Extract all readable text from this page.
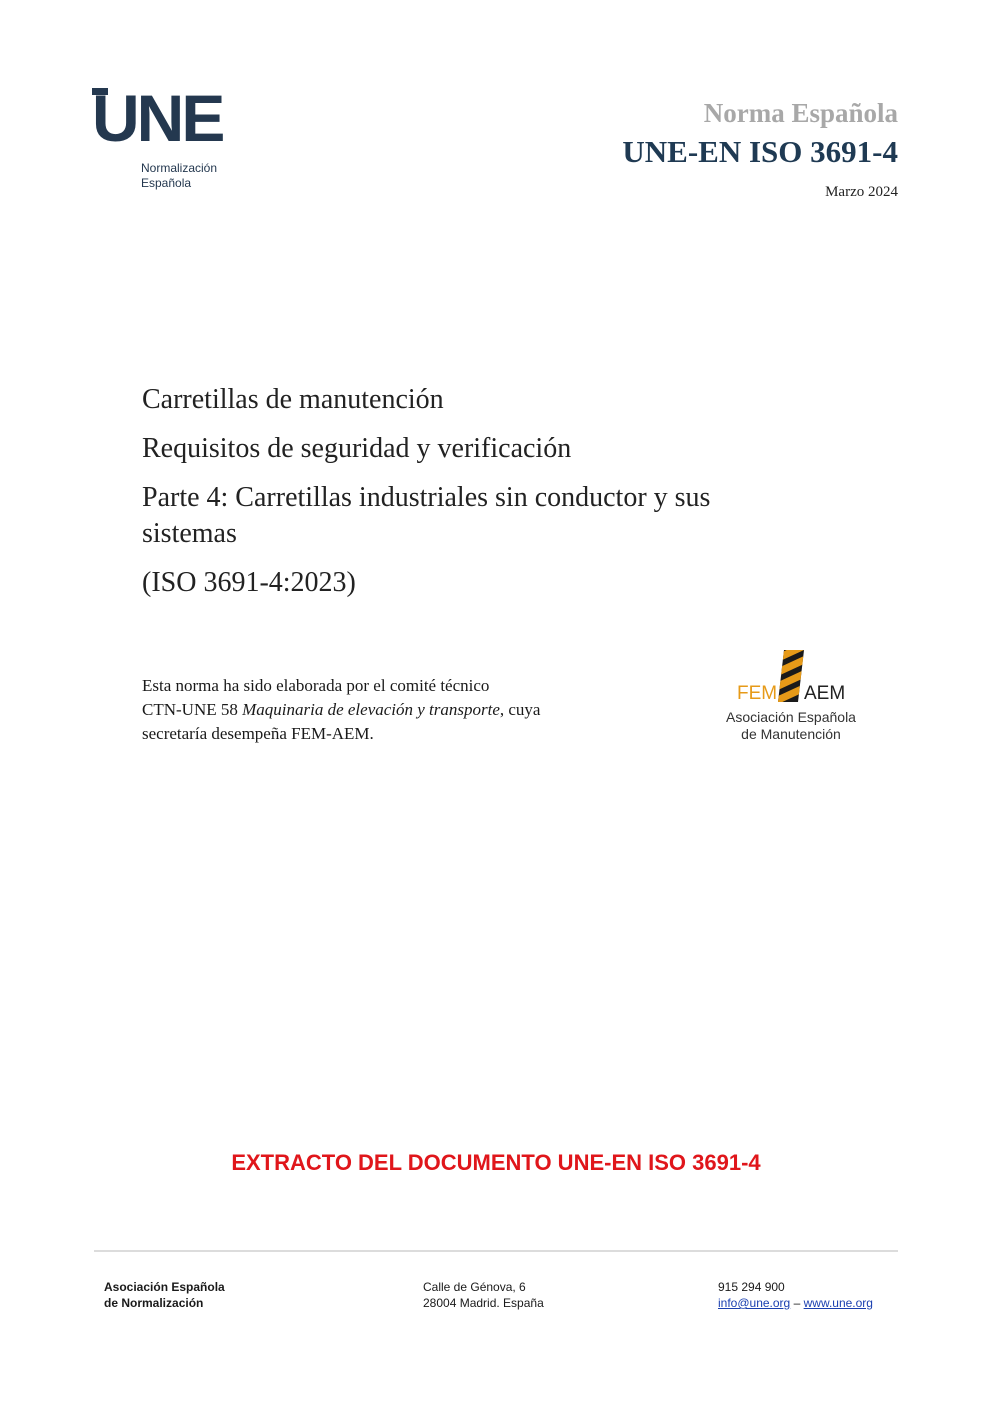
UNE
Normalización
Española
Norma Española
UNE-EN ISO 3691-4
Marzo 2024
Carretillas de manutención
Requisitos de seguridad y verificación
Parte 4: Carretillas industriales sin conductor y sus sistemas
(ISO 3691-4:2023)
Esta norma ha sido elaborada por el comité técnico
CTN-UNE 58 Maquinaria de elevación y transporte, cuya
secretaría desempeña FEM-AEM.
FEM AEM
Asociación Española
de Manutención
EXTRACTO DEL DOCUMENTO UNE-EN ISO 3691-4
Asociación Española
de Normalización
Calle de Génova, 6
28004 Madrid. España
915 294 900
info@une.org – www.une.org
